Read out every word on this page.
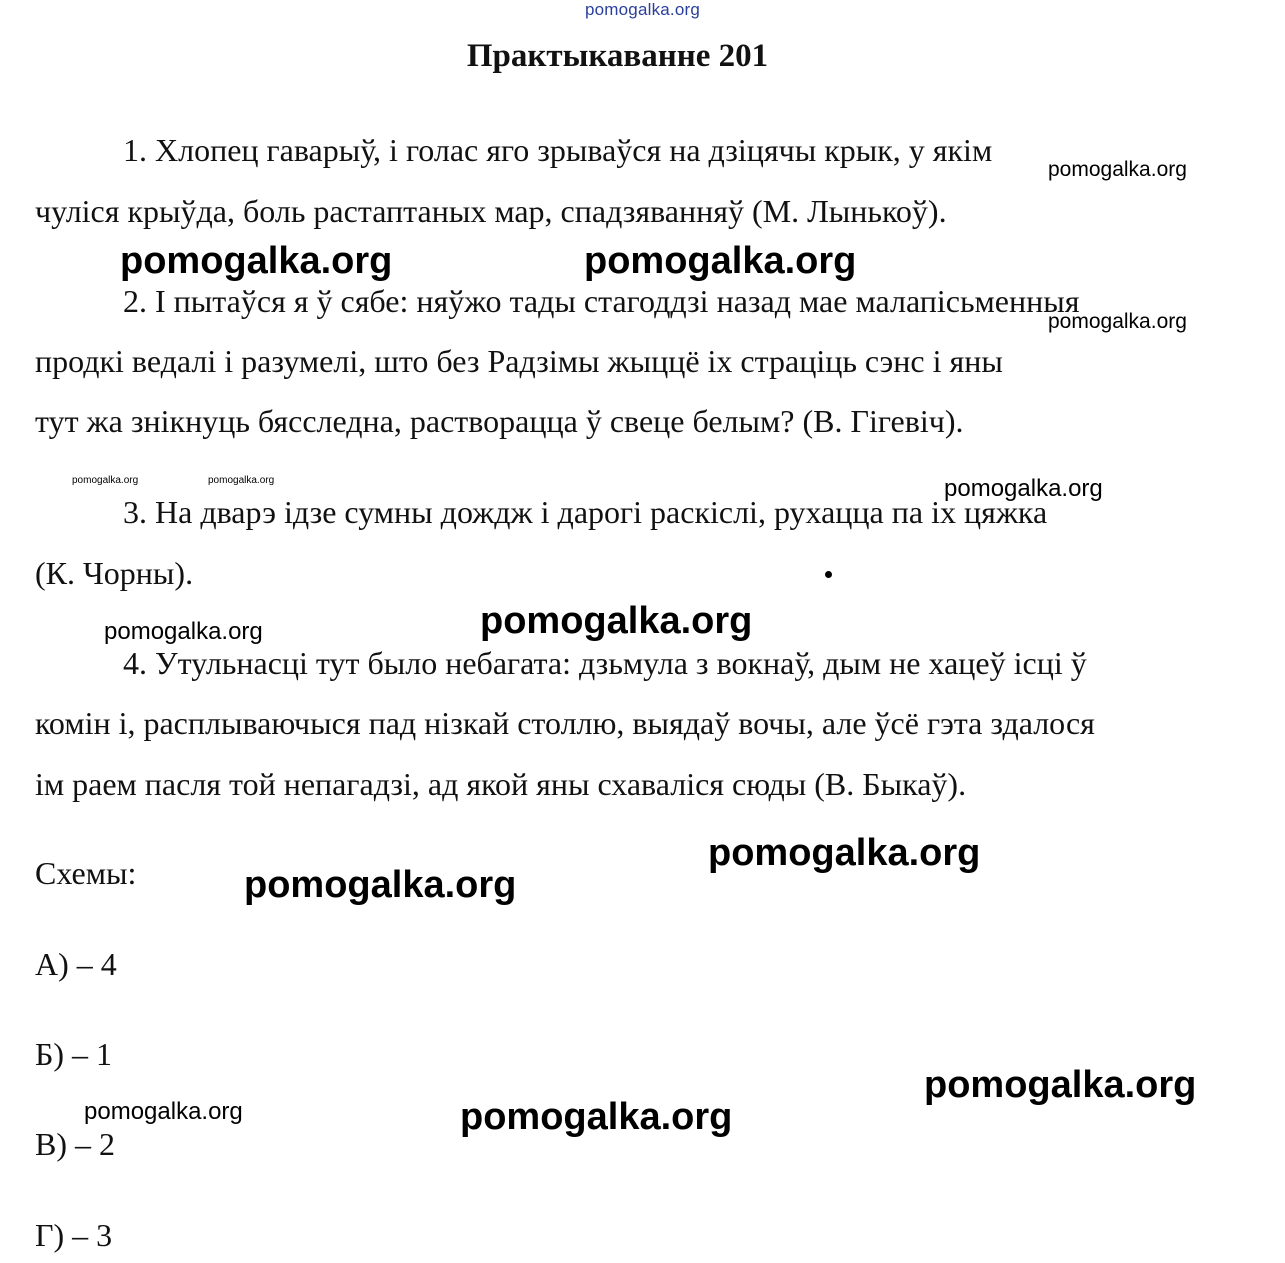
pomogalka.org
Практыкаванне 201
1. Хлопец гаварыў, і голас яго зрываўся на дзіцячы крык, у якім
чуліся крыўда, боль растаптаных мар, спадзяванняў (М. Лынькоў).
2. І пытаўся я ў сябе: няўжо тады стагоддзі назад мае малапісьменныя
продкі ведалі і разумелі, што без Радзімы жыццё іх страціць сэнс і яны
тут жа знікнуць бясследна, растворацца ў свеце белым? (В. Гігевіч).
3. На дварэ ідзе сумны дождж і дарогі раскіслі, рухацца па іх цяжка
(К. Чорны).
4. Утульнасці тут было небагата: дзьмула з вокнаў, дым не хацеў ісці ў
комін і, расплываючыся пад нізкай столлю, выядаў вочы, але ўсё гэта здалося
ім раем пасля той непагадзі, ад якой яны схаваліся сюды (В. Быкаў).
Схемы:
А) – 4
Б) – 1
В) – 2
Г) – 3
pomogalka.org
pomogalka.org	pomogalka.org
pomogalka.org
pomogalka.org	pomogalka.org	pomogalka.org
pomogalka.org	pomogalka.org
pomogalka.org
pomogalka.org
pomogalka.org
pomogalka.org	pomogalka.org
